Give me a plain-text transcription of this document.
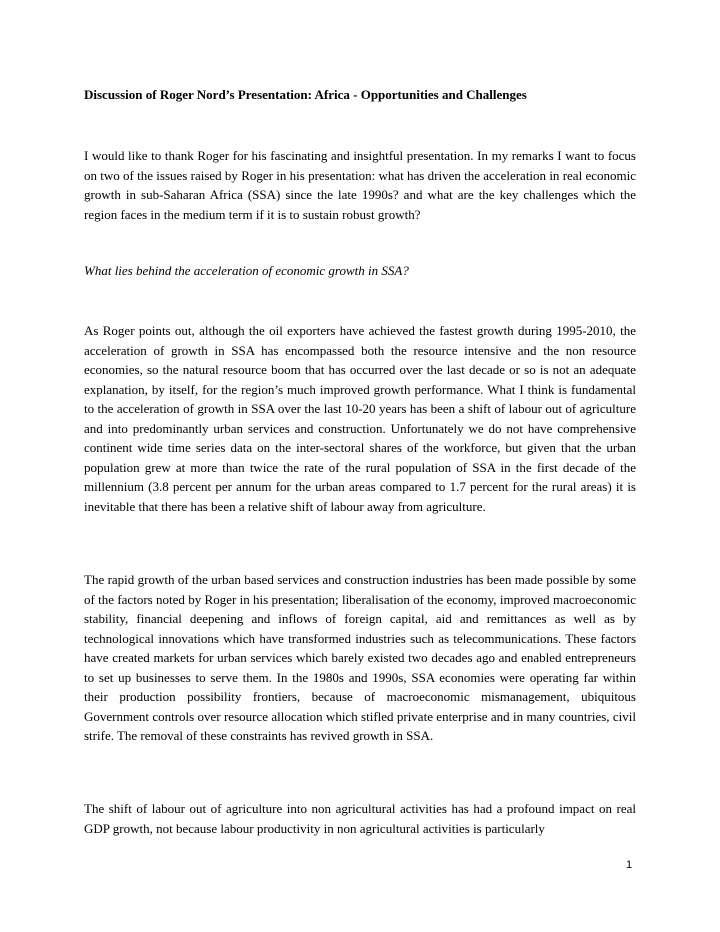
Discussion of Roger Nord’s Presentation: Africa - Opportunities and Challenges

I would like to thank Roger for his fascinating and insightful presentation. In my remarks I want to focus on two of the issues raised by Roger in his presentation: what has driven the acceleration in real economic growth in sub-Saharan Africa (SSA) since the late 1990s? and what are the key challenges which the region faces in the medium term if it is to sustain robust growth?

What lies behind the acceleration of economic growth in SSA?

As Roger points out, although the oil exporters have achieved the fastest growth during 1995-2010, the acceleration of growth in SSA has encompassed both the resource intensive and the non resource economies, so the natural resource boom that has occurred over the last decade or so is not an adequate explanation, by itself, for the region’s much improved growth performance. What I think is fundamental to the acceleration of growth in SSA over the last 10-20 years has been a shift of labour out of agriculture and into predominantly urban services and construction. Unfortunately we do not have comprehensive continent wide time series data on the inter-sectoral shares of the workforce, but given that the urban population grew at more than twice the rate of the rural population of SSA in the first decade of the millennium (3.8 percent per annum for the urban areas compared to 1.7 percent for the rural areas) it is inevitable that there has been a relative shift of labour away from agriculture.

The rapid growth of the urban based services and construction industries has been made possible by some of the factors noted by Roger in his presentation; liberalisation of the economy, improved macroeconomic stability, financial deepening and inflows of foreign capital, aid and remittances as well as by technological innovations which have transformed industries such as telecommunications. These factors have created markets for urban services which barely existed two decades ago and enabled entrepreneurs to set up businesses to serve them. In the 1980s and 1990s, SSA economies were operating far within their production possibility frontiers, because of macroeconomic mismanagement, ubiquitous Government controls over resource allocation which stifled private enterprise and in many countries, civil strife. The removal of these constraints has revived growth in SSA.

The shift of labour out of agriculture into non agricultural activities has had a profound impact on real GDP growth, not because labour productivity in non agricultural activities is particularly

1
